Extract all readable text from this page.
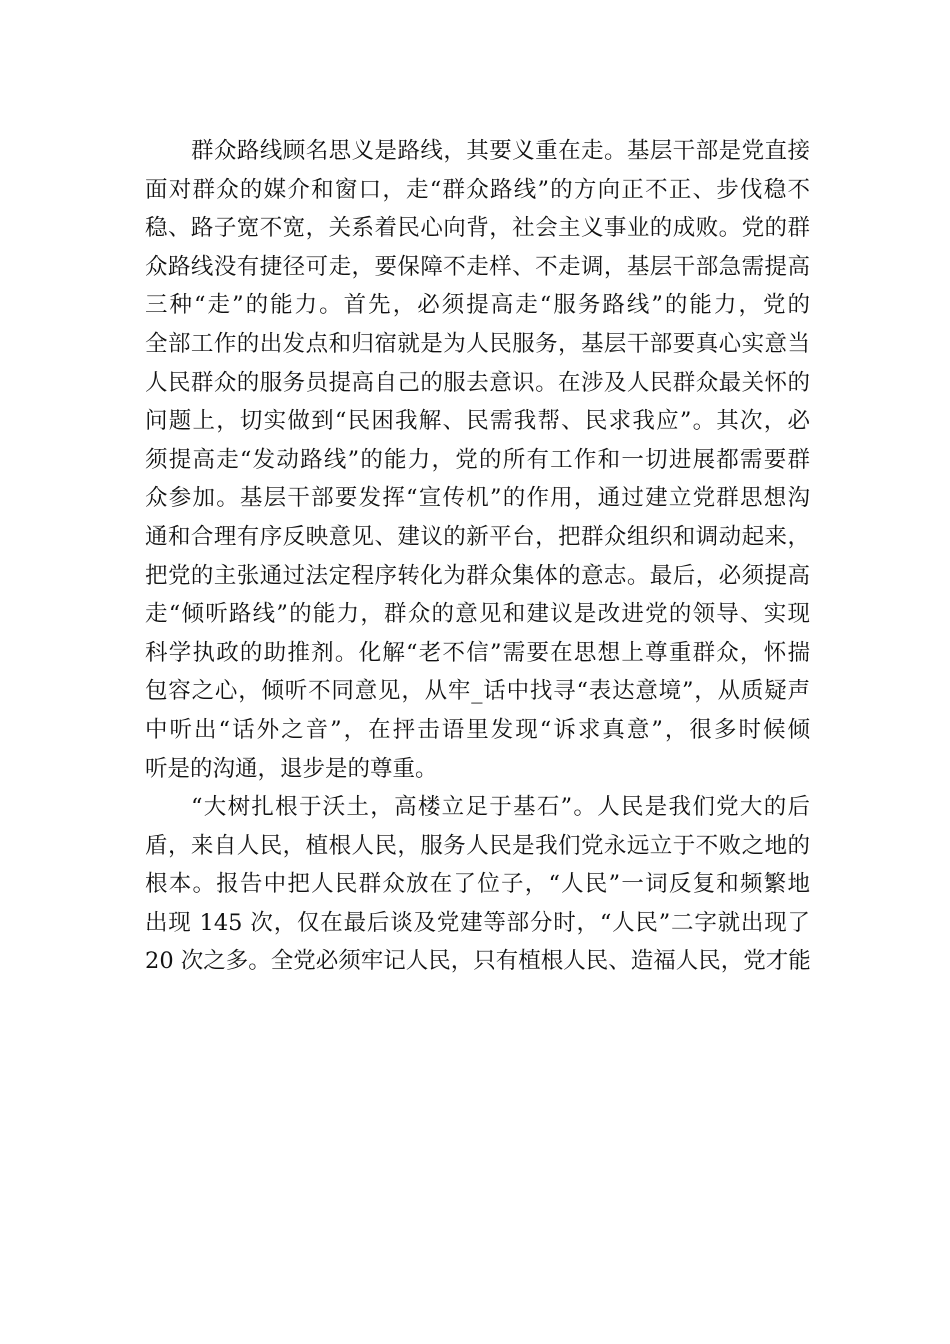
群众路线顾名思义是路线，其要义重在走。基层干部是党直接
面对群众的媒介和窗口，走“群众路线”的方向正不正、步伐稳不
稳、路子宽不宽，关系着民心向背，社会主义事业的成败。党的群
众路线没有捷径可走，要保障不走样、不走调，基层干部急需提高
三种“走”的能力。首先，必须提高走“服务路线”的能力，党的
全部工作的出发点和归宿就是为人民服务，基层干部要真心实意当
人民群众的服务员提高自己的服去意识。在涉及人民群众最关怀的
问题上，切实做到“民困我解、民需我帮、民求我应”。其次，必
须提高走“发动路线”的能力，党的所有工作和一切进展都需要群
众参加。基层干部要发挥“宣传机”的作用，通过建立党群思想沟
通和合理有序反映意见、建议的新平台，把群众组织和调动起来，
把党的主张通过法定程序转化为群众集体的意志。最后，必须提高
走“倾听路线”的能力，群众的意见和建议是改进党的领导、实现
科学执政的助推剂。化解“老不信”需要在思想上尊重群众，怀揣
包容之心，倾听不同意见，从牢_话中找寻“表达意境”，从质疑声
中听出“话外之音”，在抨击语里发现“诉求真意”，很多时候倾
听是的沟通，退步是的尊重。
“大树扎根于沃土，高楼立足于基石”。人民是我们党大的后
盾，来自人民，植根人民，服务人民是我们党永远立于不败之地的
根本。报告中把人民群众放在了位子，“人民”一词反复和频繁地
出现 145 次，仅在最后谈及党建等部分时，“人民”二字就出现了
20 次之多。全党必须牢记人民，只有植根人民、造福人民，党才能
